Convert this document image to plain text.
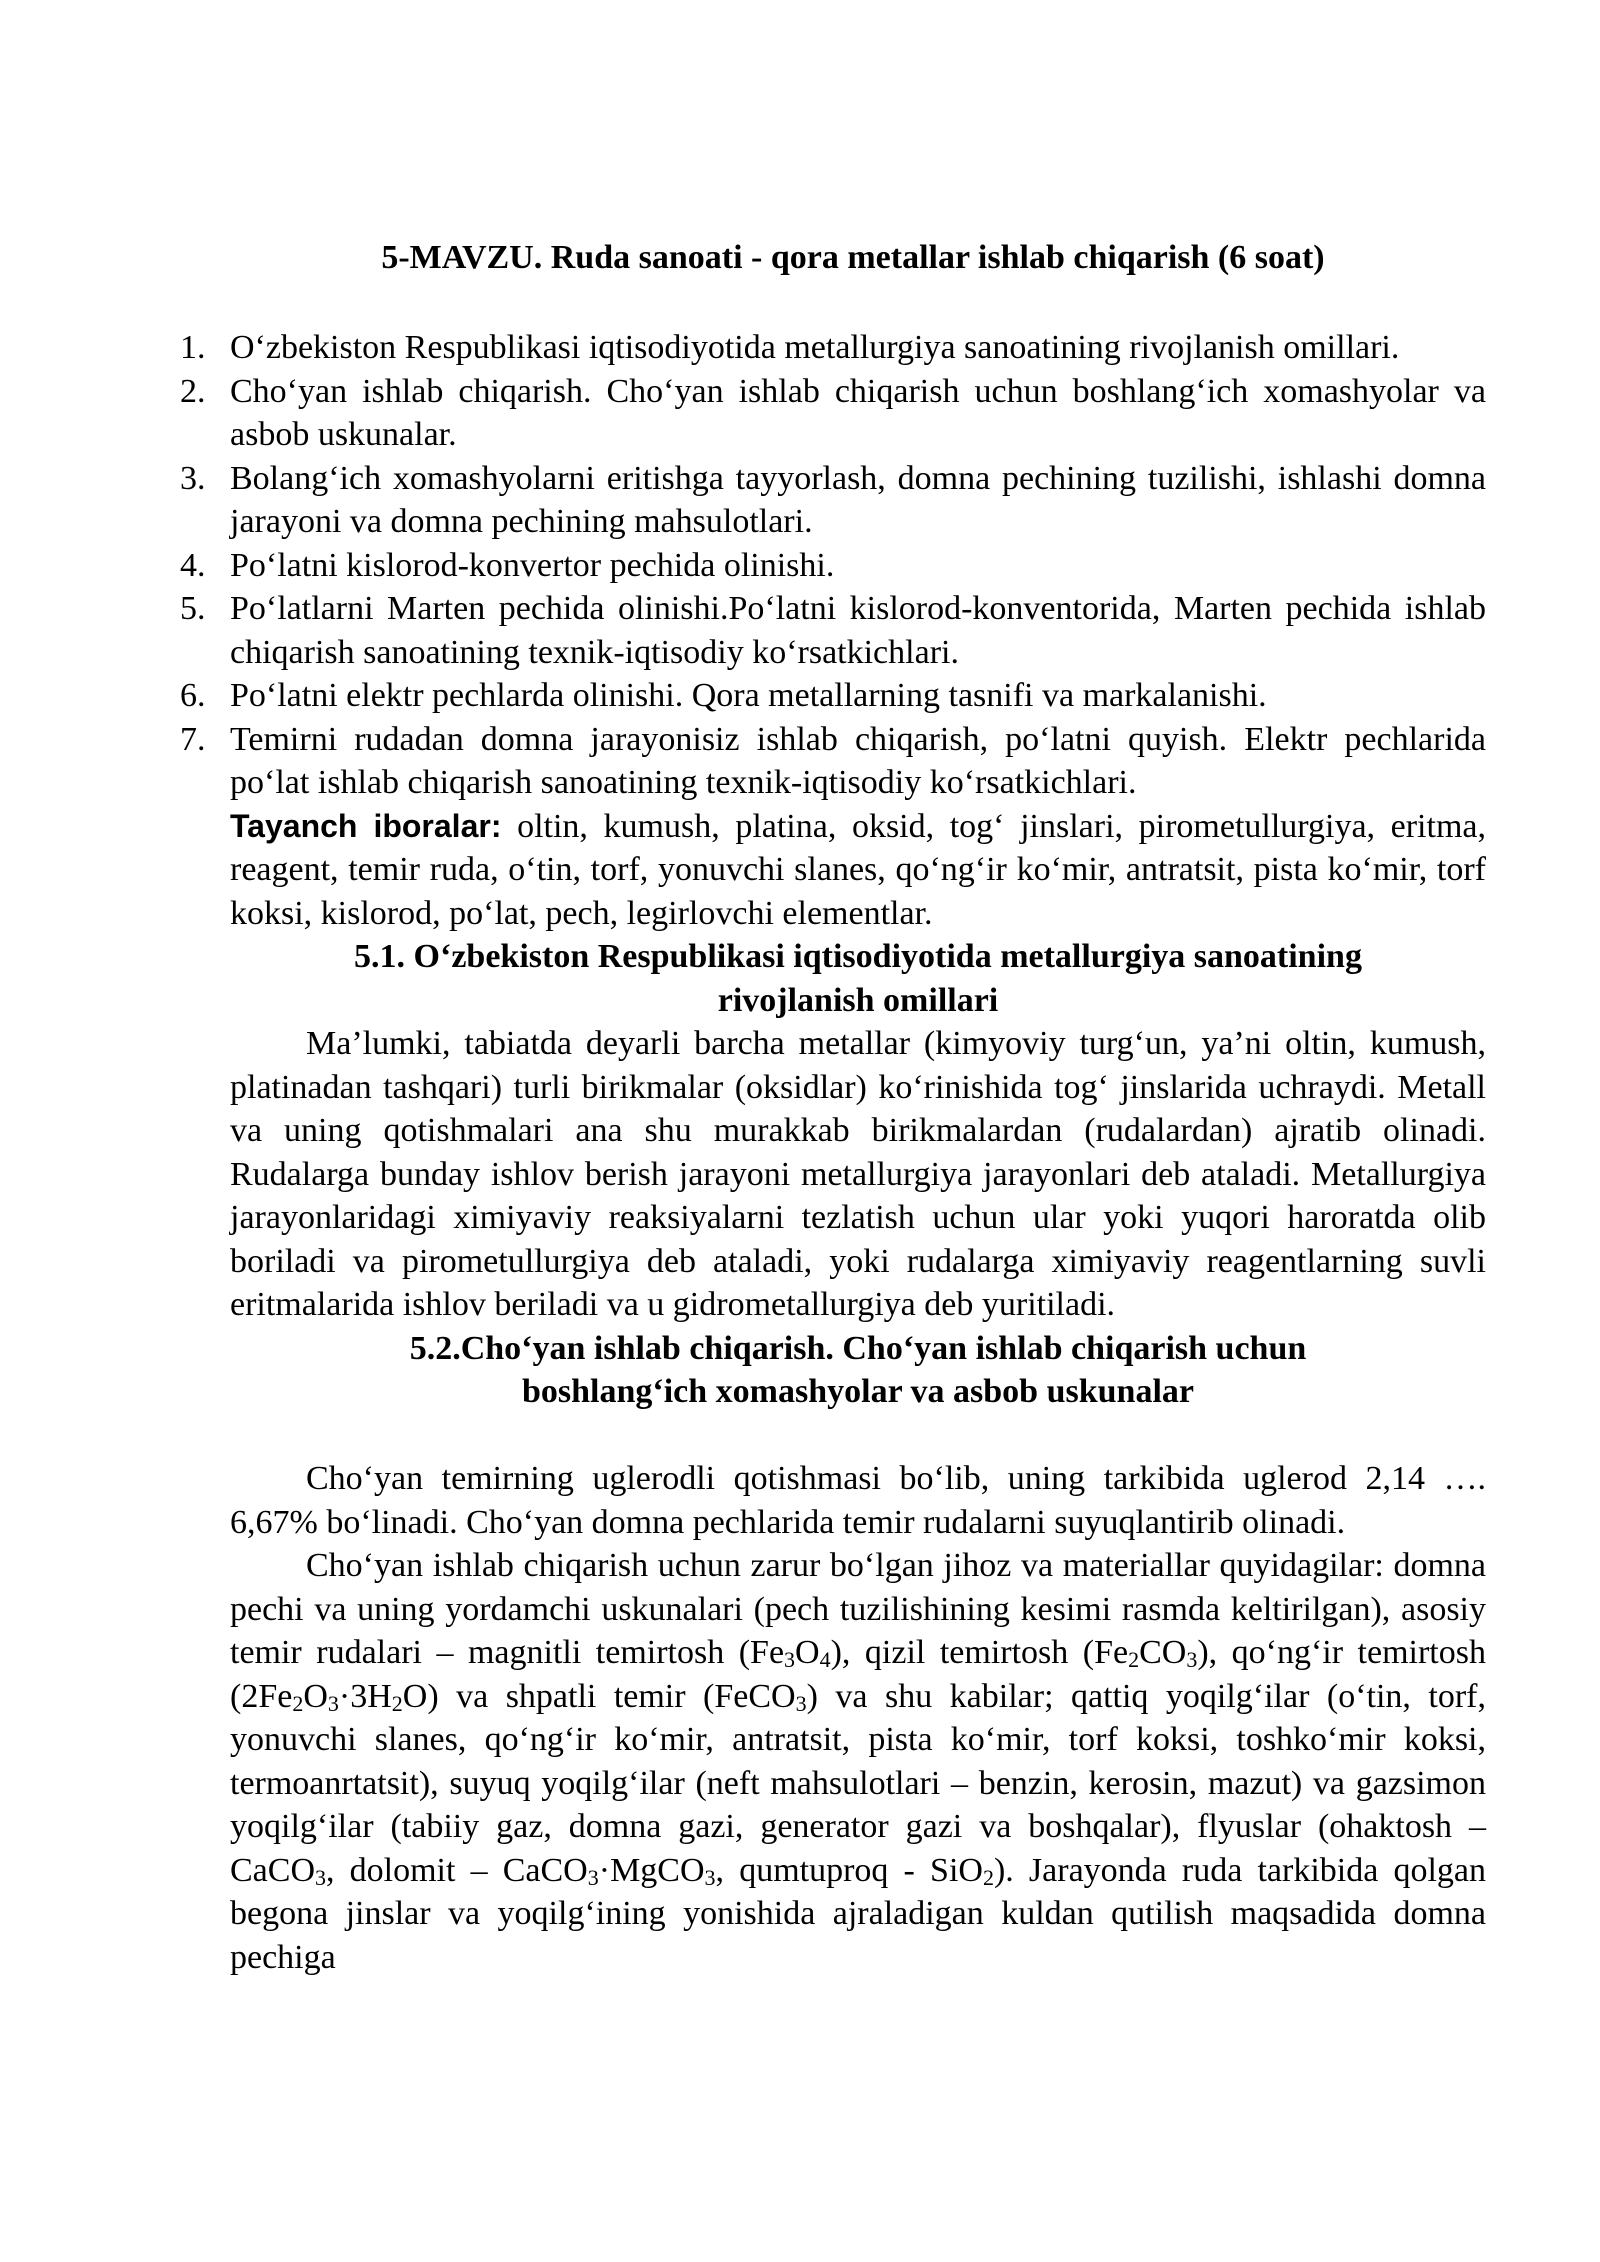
5-MAVZU. Ruda sanoati - qora metallar ishlab chiqarish (6 soat)
1. O‘zbekiston Respublikasi iqtisodiyotida metallurgiya sanoatining rivojlanish omillari.
2. Cho‘yan ishlab chiqarish. Cho‘yan ishlab chiqarish uchun boshlang‘ich xomashyolar va asbob uskunalar.
3. Bolang‘ich xomashyolarni eritishga tayyorlash, domna pechining tuzilishi, ishlashi domna jarayoni va domna pechining mahsulotlari.
4. Po‘latni kislorod-konvertor pechida olinishi.
5. Po‘latlarni Marten pechida olinishi.Po‘latni kislorod-konventorida, Marten pechida ishlab chiqarish sanoatining texnik-iqtisodiy ko‘rsatkichlari.
6. Po‘latni elektr pechlarda olinishi. Qora metallarning tasnifi va markalanishi.
7. Temirni rudadan domna jarayonisiz ishlab chiqarish, po‘latni quyish. Elektr pechlarida po‘lat ishlab chiqarish sanoatining texnik-iqtisodiy ko‘rsatkichlari.

Tayanch iboralar: oltin, kumush, platina, oksid, tog‘ jinslari, pirometullurgiya, eritma, reagent, temir ruda, o‘tin, torf, yonuvchi slanes, qo‘ng‘ir ko‘mir, antratsit, pista ko‘mir, torf koksi, kislorod, po‘lat, pech, legirlovchi elementlar.

5.1. O‘zbekiston Respublikasi iqtisodiyotida metallurgiya sanoatining
rivojlanish omillari

Ma’lumki, tabiatda deyarli barcha metallar (kimyoviy turg‘un, ya’ni oltin, kumush, platinadan tashqari) turli birikmalar (oksidlar) ko‘rinishida tog‘ jinslarida uchraydi. Metall va uning qotishmalari ana shu murakkab birikmalardan (rudalardan) ajratib olinadi. Rudalarga bunday ishlov berish jarayoni metallurgiya jarayonlari deb ataladi. Metallurgiya jarayonlaridagi ximiyaviy reaksiyalarni tezlatish uchun ular yoki yuqori haroratda olib boriladi va pirometullurgiya deb ataladi, yoki rudalarga ximiyaviy reagentlarning suvli eritmalarida ishlov beriladi va u gidrometallurgiya deb yuritiladi.

5.2.Cho‘yan ishlab chiqarish. Cho‘yan ishlab chiqarish uchun
boshlang‘ich xomashyolar va asbob uskunalar

Cho‘yan temirning uglerodli qotishmasi bo‘lib, uning tarkibida uglerod 2,14 …. 6,67% bo‘linadi. Cho‘yan domna pechlarida temir rudalarni suyuqlantirib olinadi.

Cho‘yan ishlab chiqarish uchun zarur bo‘lgan jihoz va materiallar quyidagilar: domna pechi va uning yordamchi uskunalari (pech tuzilishining kesimi rasmda keltirilgan), asosiy temir rudalari – magnitli temirtosh $(Fe_3O_4)$, qizil temirtosh $(Fe_2CO_3)$, qo‘ng‘ir temirtosh $(2Fe_2O_3\cdot 3H_2O)$ va shpatli temir (FeCO$_3$) va shu kabilar; qattiq yoqilg‘ilar (o‘tin, torf, yonuvchi slanes, qo‘ng‘ir ko‘mir, antratsit, pista ko‘mir, torf koksi, toshko‘mir koksi, termoanrtatsit), suyuq yoqilg‘ilar (neft mahsulotlari – benzin, kerosin, mazut) va gazsimon yoqilg‘ilar (tabiiy gaz, domna gazi, generator gazi va boshqalar), flyuslar (ohaktosh – CaCO$_3$, dolomit – CaCO$_3$·MgCO$_3$, qumtuproq - SiO$_2$). Jarayonda ruda tarkibida qolgan begona jinslar va yoqilg‘ining yonishida ajraladigan kuldan qutilish maqsadida domna pechiga
